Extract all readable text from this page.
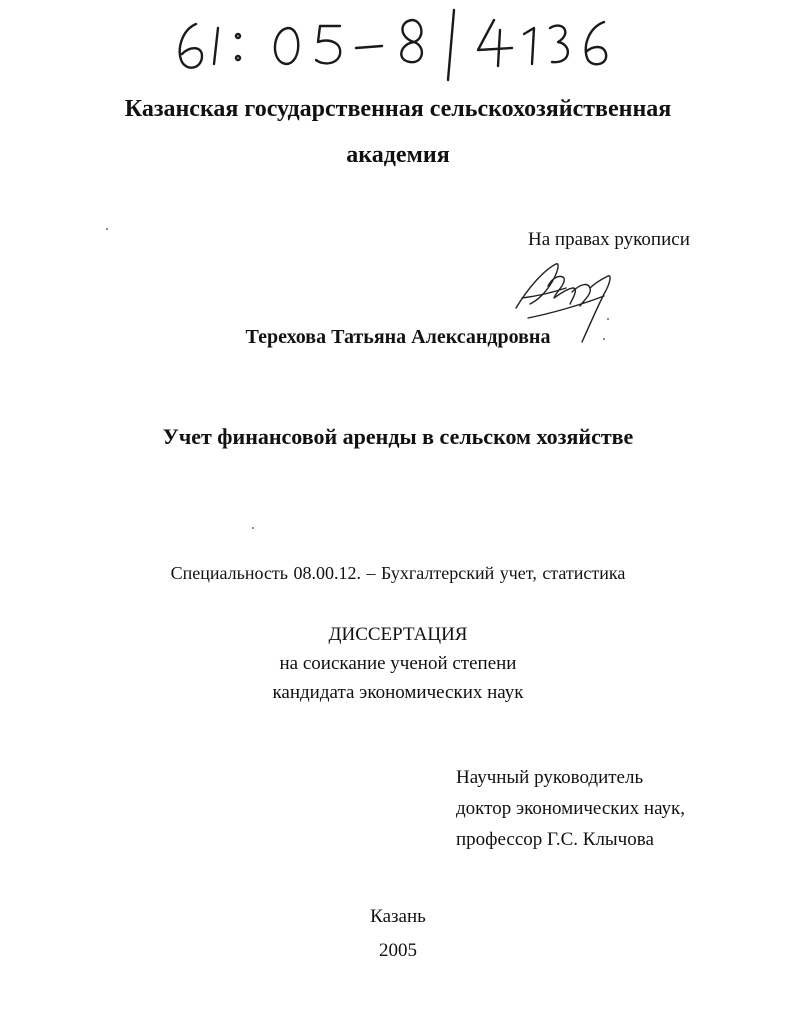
Казанская государственная сельскохозяйственная
академия
На правах рукописи
Терехова Татьяна Александровна
Учет финансовой аренды в сельском хозяйстве
Специальность 08.00.12. – Бухгалтерский учет, статистика
ДИССЕРТАЦИЯ
на соискание ученой степени
кандидата экономических наук
Научный руководитель
доктор экономических наук,
профессор Г.С. Клычова
Казань
2005
